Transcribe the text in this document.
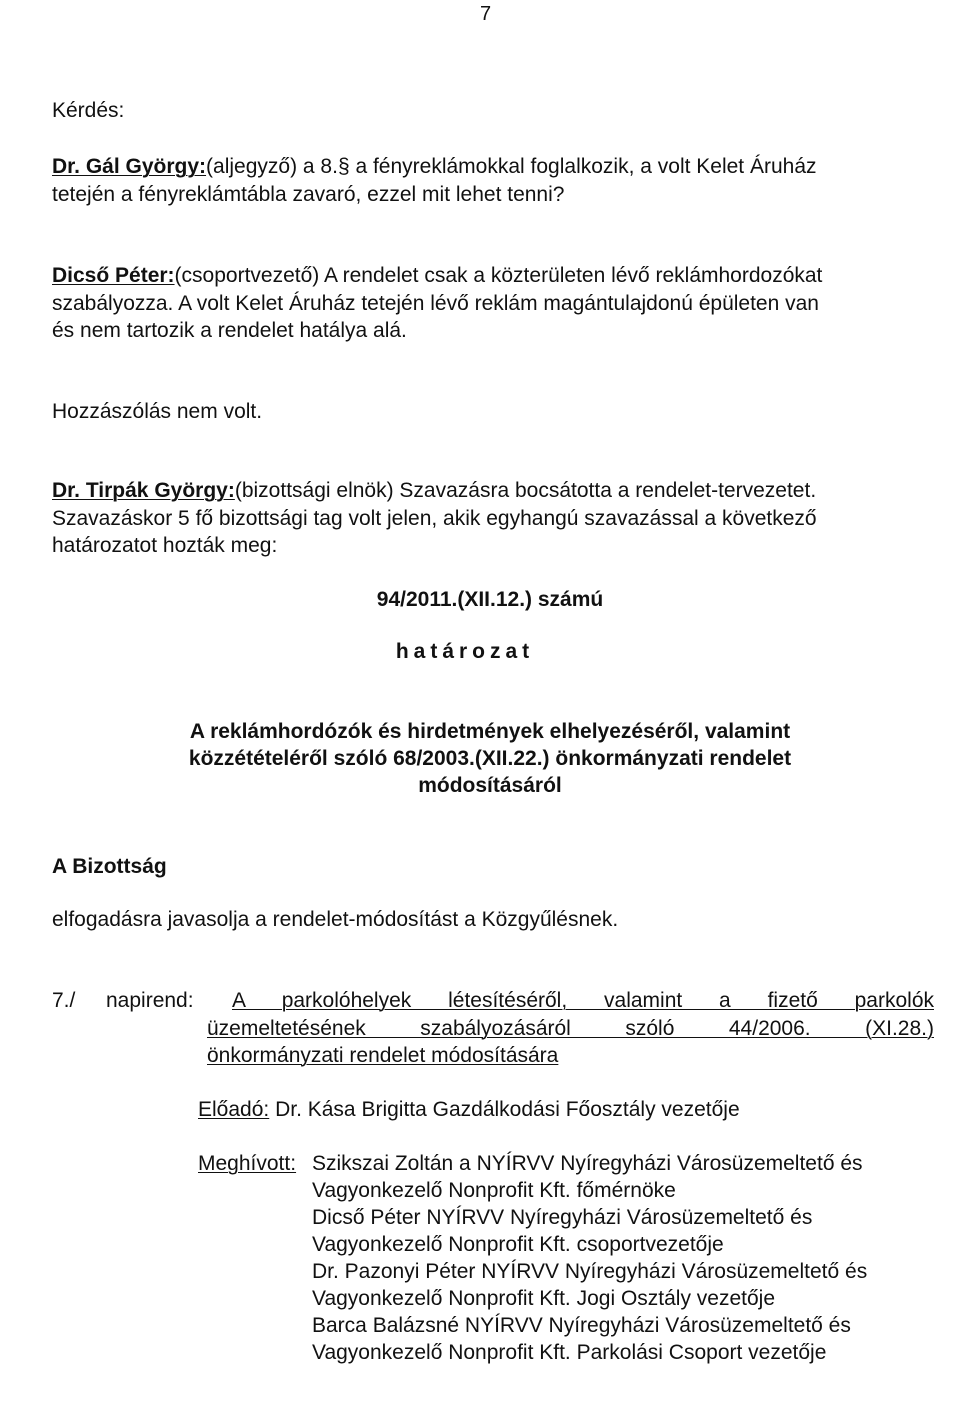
7
Kérdés:
Dr. Gál György:(aljegyző) a 8.§ a fényreklámokkal foglalkozik, a volt Kelet Áruház
tetején a fényreklámtábla zavaró, ezzel mit lehet tenni?
Dicső Péter:(csoportvezető) A rendelet csak a közterületen lévő reklámhordozókat
szabályozza. A volt Kelet Áruház tetején lévő reklám magántulajdonú épületen van
és nem tartozik a rendelet hatálya alá.
Hozzászólás nem volt.
Dr. Tirpák György:(bizottsági elnök) Szavazásra bocsátotta a rendelet-tervezetet.
Szavazáskor 5 fő bizottsági tag volt jelen, akik egyhangú szavazással a következő
határozatot hozták meg:
94/2011.(XII.12.) számú
határozat
A reklámhordózók és hirdetmények elhelyezéséről, valamint
közzétételéről szóló 68/2003.(XII.22.) önkormányzati rendelet
módosításáról
A Bizottság
elfogadásra javasolja a rendelet-módosítást a Közgyűlésnek.
7./ napirend: A parkolóhelyek létesítéséről, valamint a fizető parkolók
üzemeltetésének szabályozásáról szóló 44/2006. (XI.28.)
önkormányzati rendelet módosítására
Előadó: Dr. Kása Brigitta Gazdálkodási Főosztály vezetője
Meghívott: Szikszai Zoltán a NYÍRVV Nyíregyházi Városüzemeltető és
Vagyonkezelő Nonprofit Kft. főmérnöke
Dicső Péter NYÍRVV Nyíregyházi Városüzemeltető és
Vagyonkezelő Nonprofit Kft. csoportvezetője
Dr. Pazonyi Péter NYÍRVV Nyíregyházi Városüzemeltető és
Vagyonkezelő Nonprofit Kft. Jogi Osztály vezetője
Barca Balázsné NYÍRVV Nyíregyházi Városüzemeltető és
Vagyonkezelő Nonprofit Kft. Parkolási Csoport vezetője
